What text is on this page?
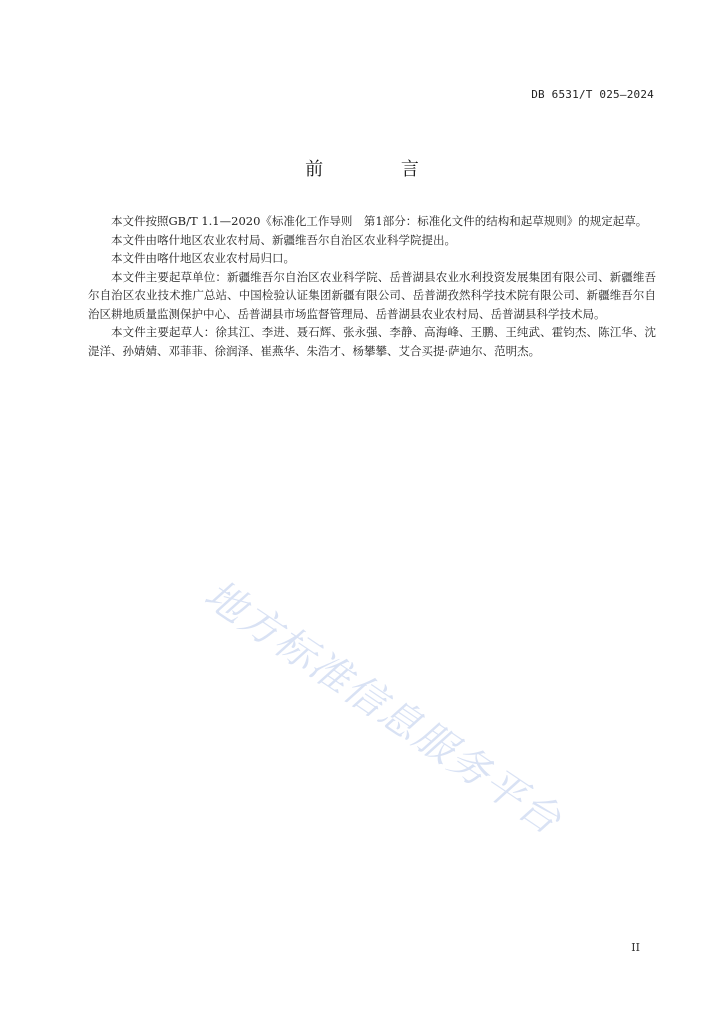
DB 6531/T 025—2024
前 言

本文件按照GB/T 1.1—2020《标准化工作导则　第1部分：标准化文件的结构和起草规则》的规定起草。

本文件由喀什地区农业农村局、新疆维吾尔自治区农业科学院提出。

本文件由喀什地区农业农村局归口。

本文件主要起草单位：新疆维吾尔自治区农业科学院、岳普湖县农业水利投资发展集团有限公司、新疆维吾尔自治区农业技术推广总站、中国检验认证集团新疆有限公司、岳普湖孜然科学技术院有限公司、新疆维吾尔自治区耕地质量监测保护中心、岳普湖县市场监督管理局、岳普湖县农业农村局、岳普湖县科学技术局。

本文件主要起草人：徐其江、李进、聂石辉、张永强、李静、高海峰、王鹏、王纯武、霍钧杰、陈江华、沈湜洋、孙婧婧、邓菲菲、徐润泽、崔燕华、朱浩才、杨攀攀、艾合买提·萨迪尔、范明杰。

地方标准信息服务平台
II
